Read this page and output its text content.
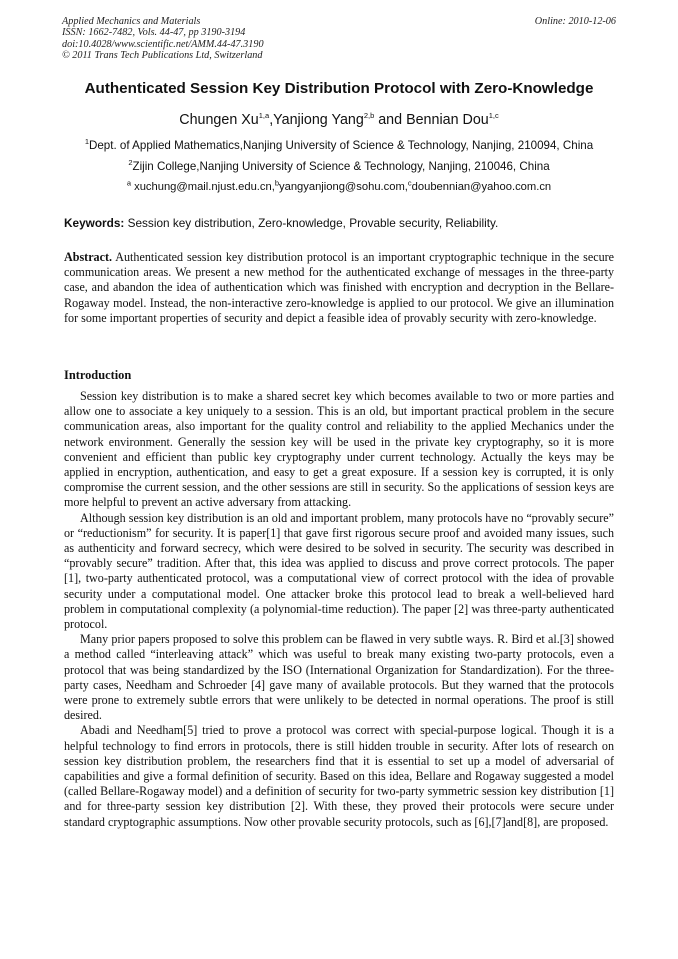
Applied Mechanics and Materials
ISSN: 1662-7482, Vols. 44-47, pp 3190-3194
doi:10.4028/www.scientific.net/AMM.44-47.3190
© 2011 Trans Tech Publications Ltd, Switzerland
Online: 2010-12-06
Authenticated Session Key Distribution Protocol with Zero-Knowledge
Chungen Xu$^{1,a}$,Yanjiong Yang$^{2,b}$ and Bennian Dou$^{1,c}$
$^1$Dept. of Applied Mathematics,Nanjing University of Science & Technology, Nanjing, 210094, China
$^2$Zijin College,Nanjing University of Science & Technology, Nanjing, 210046, China
$^a$ xuchung@mail.njust.edu.cn,$^b$yangyanjiong@sohu.com,$^c$doubennian@yahoo.com.cn
Keywords: Session key distribution, Zero-knowledge, Provable security, Reliability.
Abstract. Authenticated session key distribution protocol is an important cryptographic technique in the secure communication areas. We present a new method for the authenticated exchange of messages in the three-party case, and abandon the idea of authentication which was finished with encryption and decryption in the Bellare-Rogaway model. Instead, the non-interactive zero-knowledge is applied to our protocol. We give an illumination for some important properties of security and depict a feasible idea of provably security with zero-knowledge.
Introduction

Session key distribution is to make a shared secret key which becomes available to two or more parties and allow one to associate a key uniquely to a session. This is an old, but important practical problem in the secure communication areas, also important for the quality control and reliability to the applied Mechanics under the network environment. Generally the session key will be used in the private key cryptography, so it is more convenient and efficient than public key cryptography under current technology. Actually the keys may be applied in encryption, authentication, and easy to get a great exposure. If a session key is corrupted, it is only compromise the current session, and the other sessions are still in security. So the applications of session keys are more helpful to prevent an active adversary from attacking.

Although session key distribution is an old and important problem, many protocols have no “provably secure” or “reductionism” for security. It is paper[1] that gave first rigorous secure proof and avoided many issues, such as authenticity and forward secrecy, which were desired to be solved in security. The security was described in “provably secure” tradition. After that, this idea was applied to discuss and prove correct protocols. The paper [1], two-party authenticated protocol, was a computational view of correct protocol with the idea of provable security under a computational model. One attacker broke this protocol lead to break a well-believed hard problem in computational complexity (a polynomial-time reduction). The paper [2] was three-party authenticated protocol.

Many prior papers proposed to solve this problem can be flawed in very subtle ways. R. Bird et al.[3] showed a method called “interleaving attack” which was useful to break many existing two-party protocols, even a protocol that was being standardized by the ISO (International Organization for Standardization). For the three-party cases, Needham and Schroeder [4] gave many of available protocols. But they warned that the protocols were prone to extremely subtle errors that were unlikely to be detected in normal operations. The proof is still desired.

Abadi and Needham[5] tried to prove a protocol was correct with special-purpose logical. Though it is a helpful technology to find errors in protocols, there is still hidden trouble in security. After lots of research on session key distribution problem, the researchers find that it is essential to set up a model of adversarial of capabilities and give a formal definition of security. Based on this idea, Bellare and Rogaway suggested a model (called Bellare-Rogaway model) and a definition of security for two-party symmetric session key distribution [1] and for three-party session key distribution [2]. With these, they proved their protocols were secure under standard cryptographic assumptions. Now other provable security protocols, such as [6],[7]and[8], are proposed.
